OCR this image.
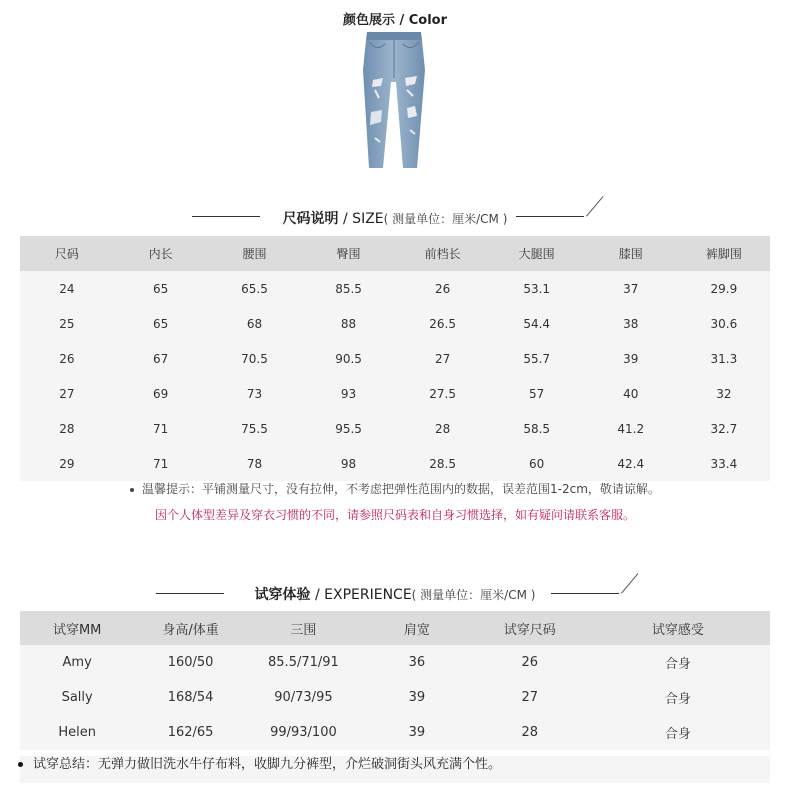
颜色展示 / Color
尺码说明 / SIZE( 测量单位：厘米/CM )
尺码	内长	腰围	臀围	前档长	大腿围	膝围	裤脚围
24	65	65.5	85.5	26	53.1	37	29.9
25	65	68	88	26.5	54.4	38	30.6
26	67	70.5	90.5	27	55.7	39	31.3
27	69	73	93	27.5	57	40	32
28	71	75.5	95.5	28	58.5	41.2	32.7
29	71	78	98	28.5	60	42.4	33.4
温馨提示：平铺测量尺寸，没有拉伸，不考虑把弹性范围内的数据，误差范围1-2cm，敬请谅解。
因个人体型差异及穿衣习惯的不同，请参照尺码表和自身习惯选择，如有疑问请联系客服。
试穿体验 / EXPERIENCE( 测量单位：厘米/CM )
试穿MM	身高/体重	三围	肩宽	试穿尺码	试穿感受
Amy	160/50	85.5/71/91	36	26	合身
Sally	168/54	90/73/95	39	27	合身
Helen	162/65	99/93/100	39	28	合身
试穿总结：无弹力做旧洗水牛仔布料，收脚九分裤型，介烂破洞街头风充满个性。
